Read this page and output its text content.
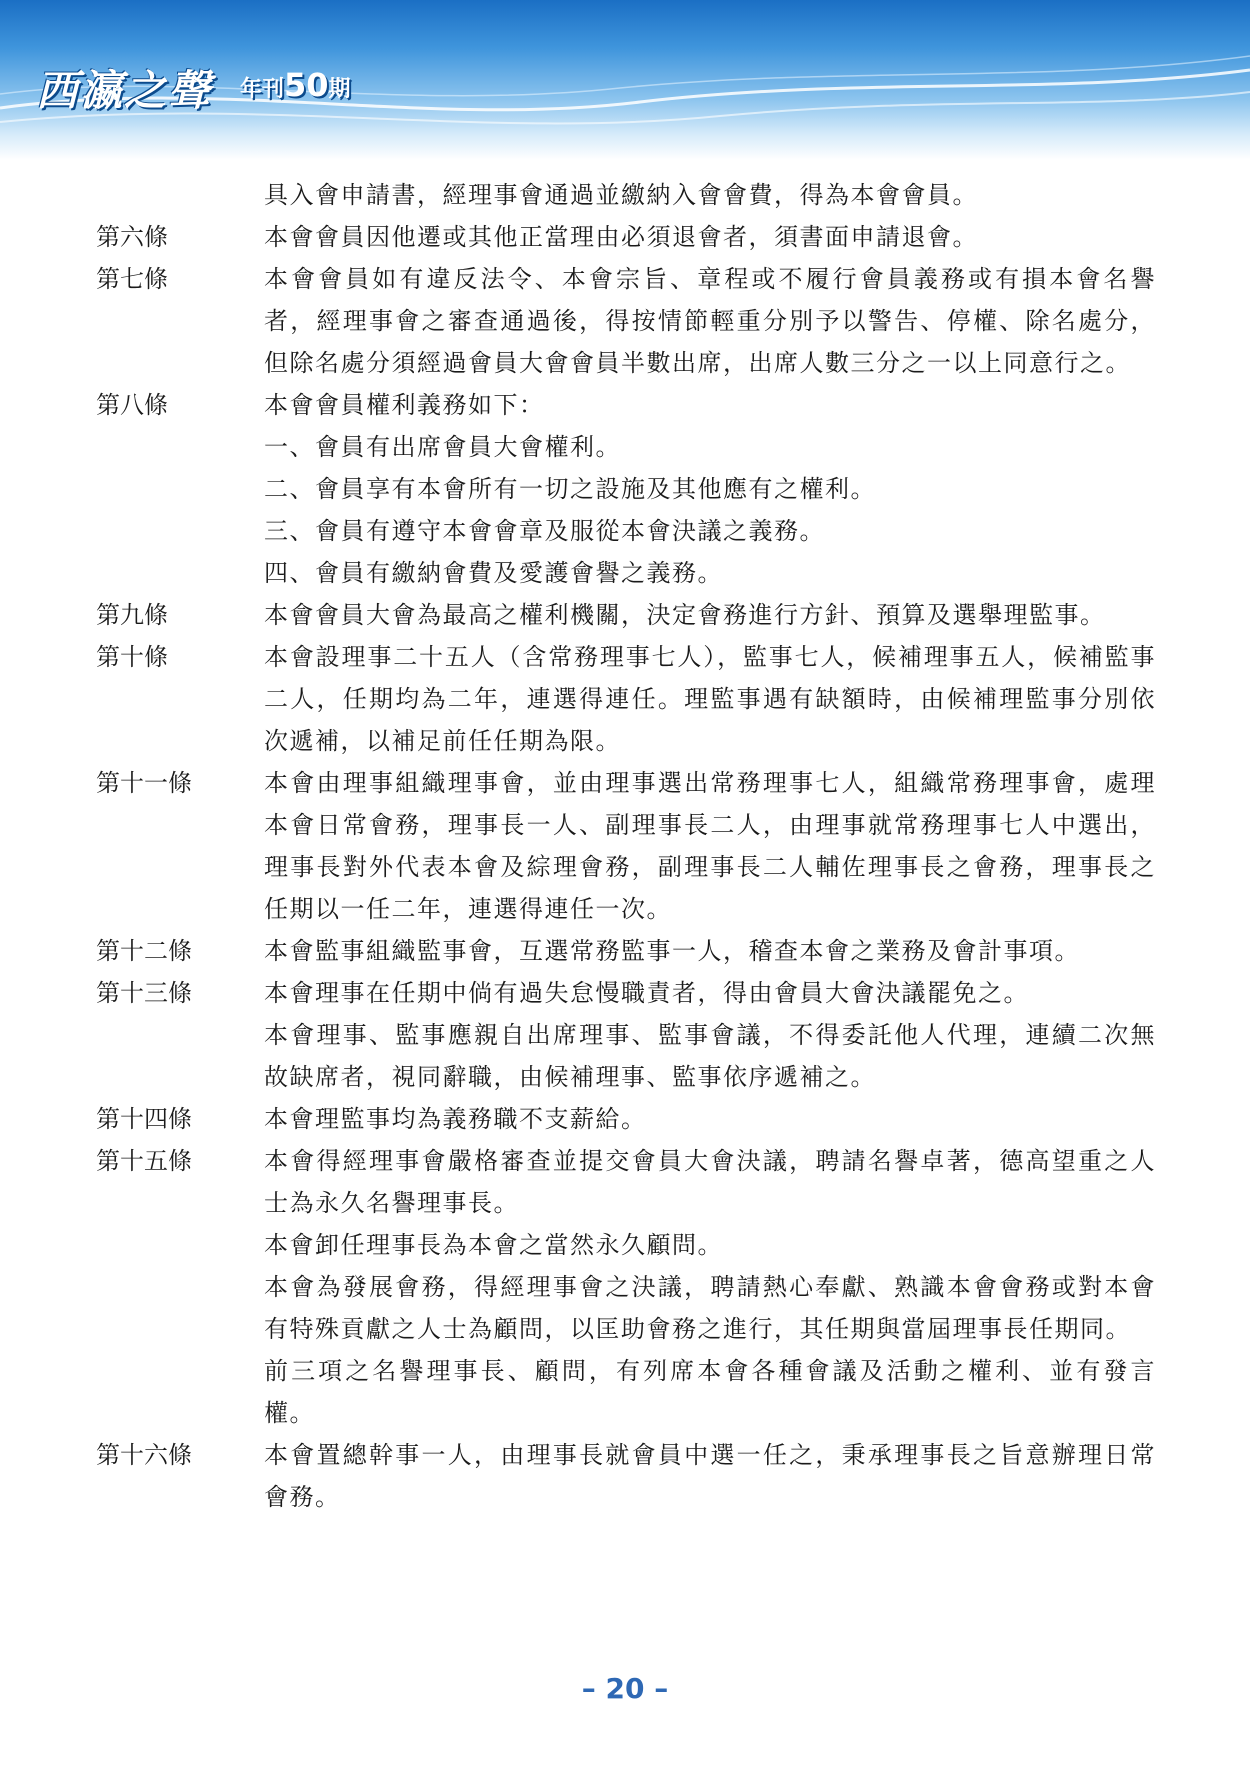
西瀛之聲 年刊50期
具入會申請書，經理事會通過並繳納入會會費，得為本會會員。
第六條	本會會員因他遷或其他正當理由必須退會者，須書面申請退會。
第七條	本會會員如有違反法令、本會宗旨、章程或不履行會員義務或有損本會名譽者，經理事會之審查通過後，得按情節輕重分別予以警告、停權、除名處分，但除名處分須經過會員大會會員半數出席，出席人數三分之一以上同意行之。
第八條	本會會員權利義務如下：
一、會員有出席會員大會權利。
二、會員享有本會所有一切之設施及其他應有之權利。
三、會員有遵守本會會章及服從本會決議之義務。
四、會員有繳納會費及愛護會譽之義務。
第九條	本會會員大會為最高之權利機關，決定會務進行方針、預算及選舉理監事。
第十條	本會設理事二十五人（含常務理事七人），監事七人，候補理事五人，候補監事二人，任期均為二年，連選得連任。理監事遇有缺額時，由候補理監事分別依次遞補，以補足前任任期為限。
第十一條	本會由理事組織理事會，並由理事選出常務理事七人，組織常務理事會，處理本會日常會務，理事長一人、副理事長二人，由理事就常務理事七人中選出，理事長對外代表本會及綜理會務，副理事長二人輔佐理事長之會務，理事長之任期以一任二年，連選得連任一次。
第十二條	本會監事組織監事會，互選常務監事一人，稽查本會之業務及會計事項。
第十三條	本會理事在任期中倘有過失怠慢職責者，得由會員大會決議罷免之。
本會理事、監事應親自出席理事、監事會議，不得委託他人代理，連續二次無故缺席者，視同辭職，由候補理事、監事依序遞補之。
第十四條	本會理監事均為義務職不支薪給。
第十五條	本會得經理事會嚴格審查並提交會員大會決議，聘請名譽卓著，德高望重之人士為永久名譽理事長。
本會卸任理事長為本會之當然永久顧問。
本會為發展會務，得經理事會之決議，聘請熱心奉獻、熟識本會會務或對本會有特殊貢獻之人士為顧問，以匡助會務之進行，其任期與當屆理事長任期同。
前三項之名譽理事長、顧問，有列席本會各種會議及活動之權利、並有發言權。
第十六條	本會置總幹事一人，由理事長就會員中選一任之，秉承理事長之旨意辦理日常會務。
– 20 –
